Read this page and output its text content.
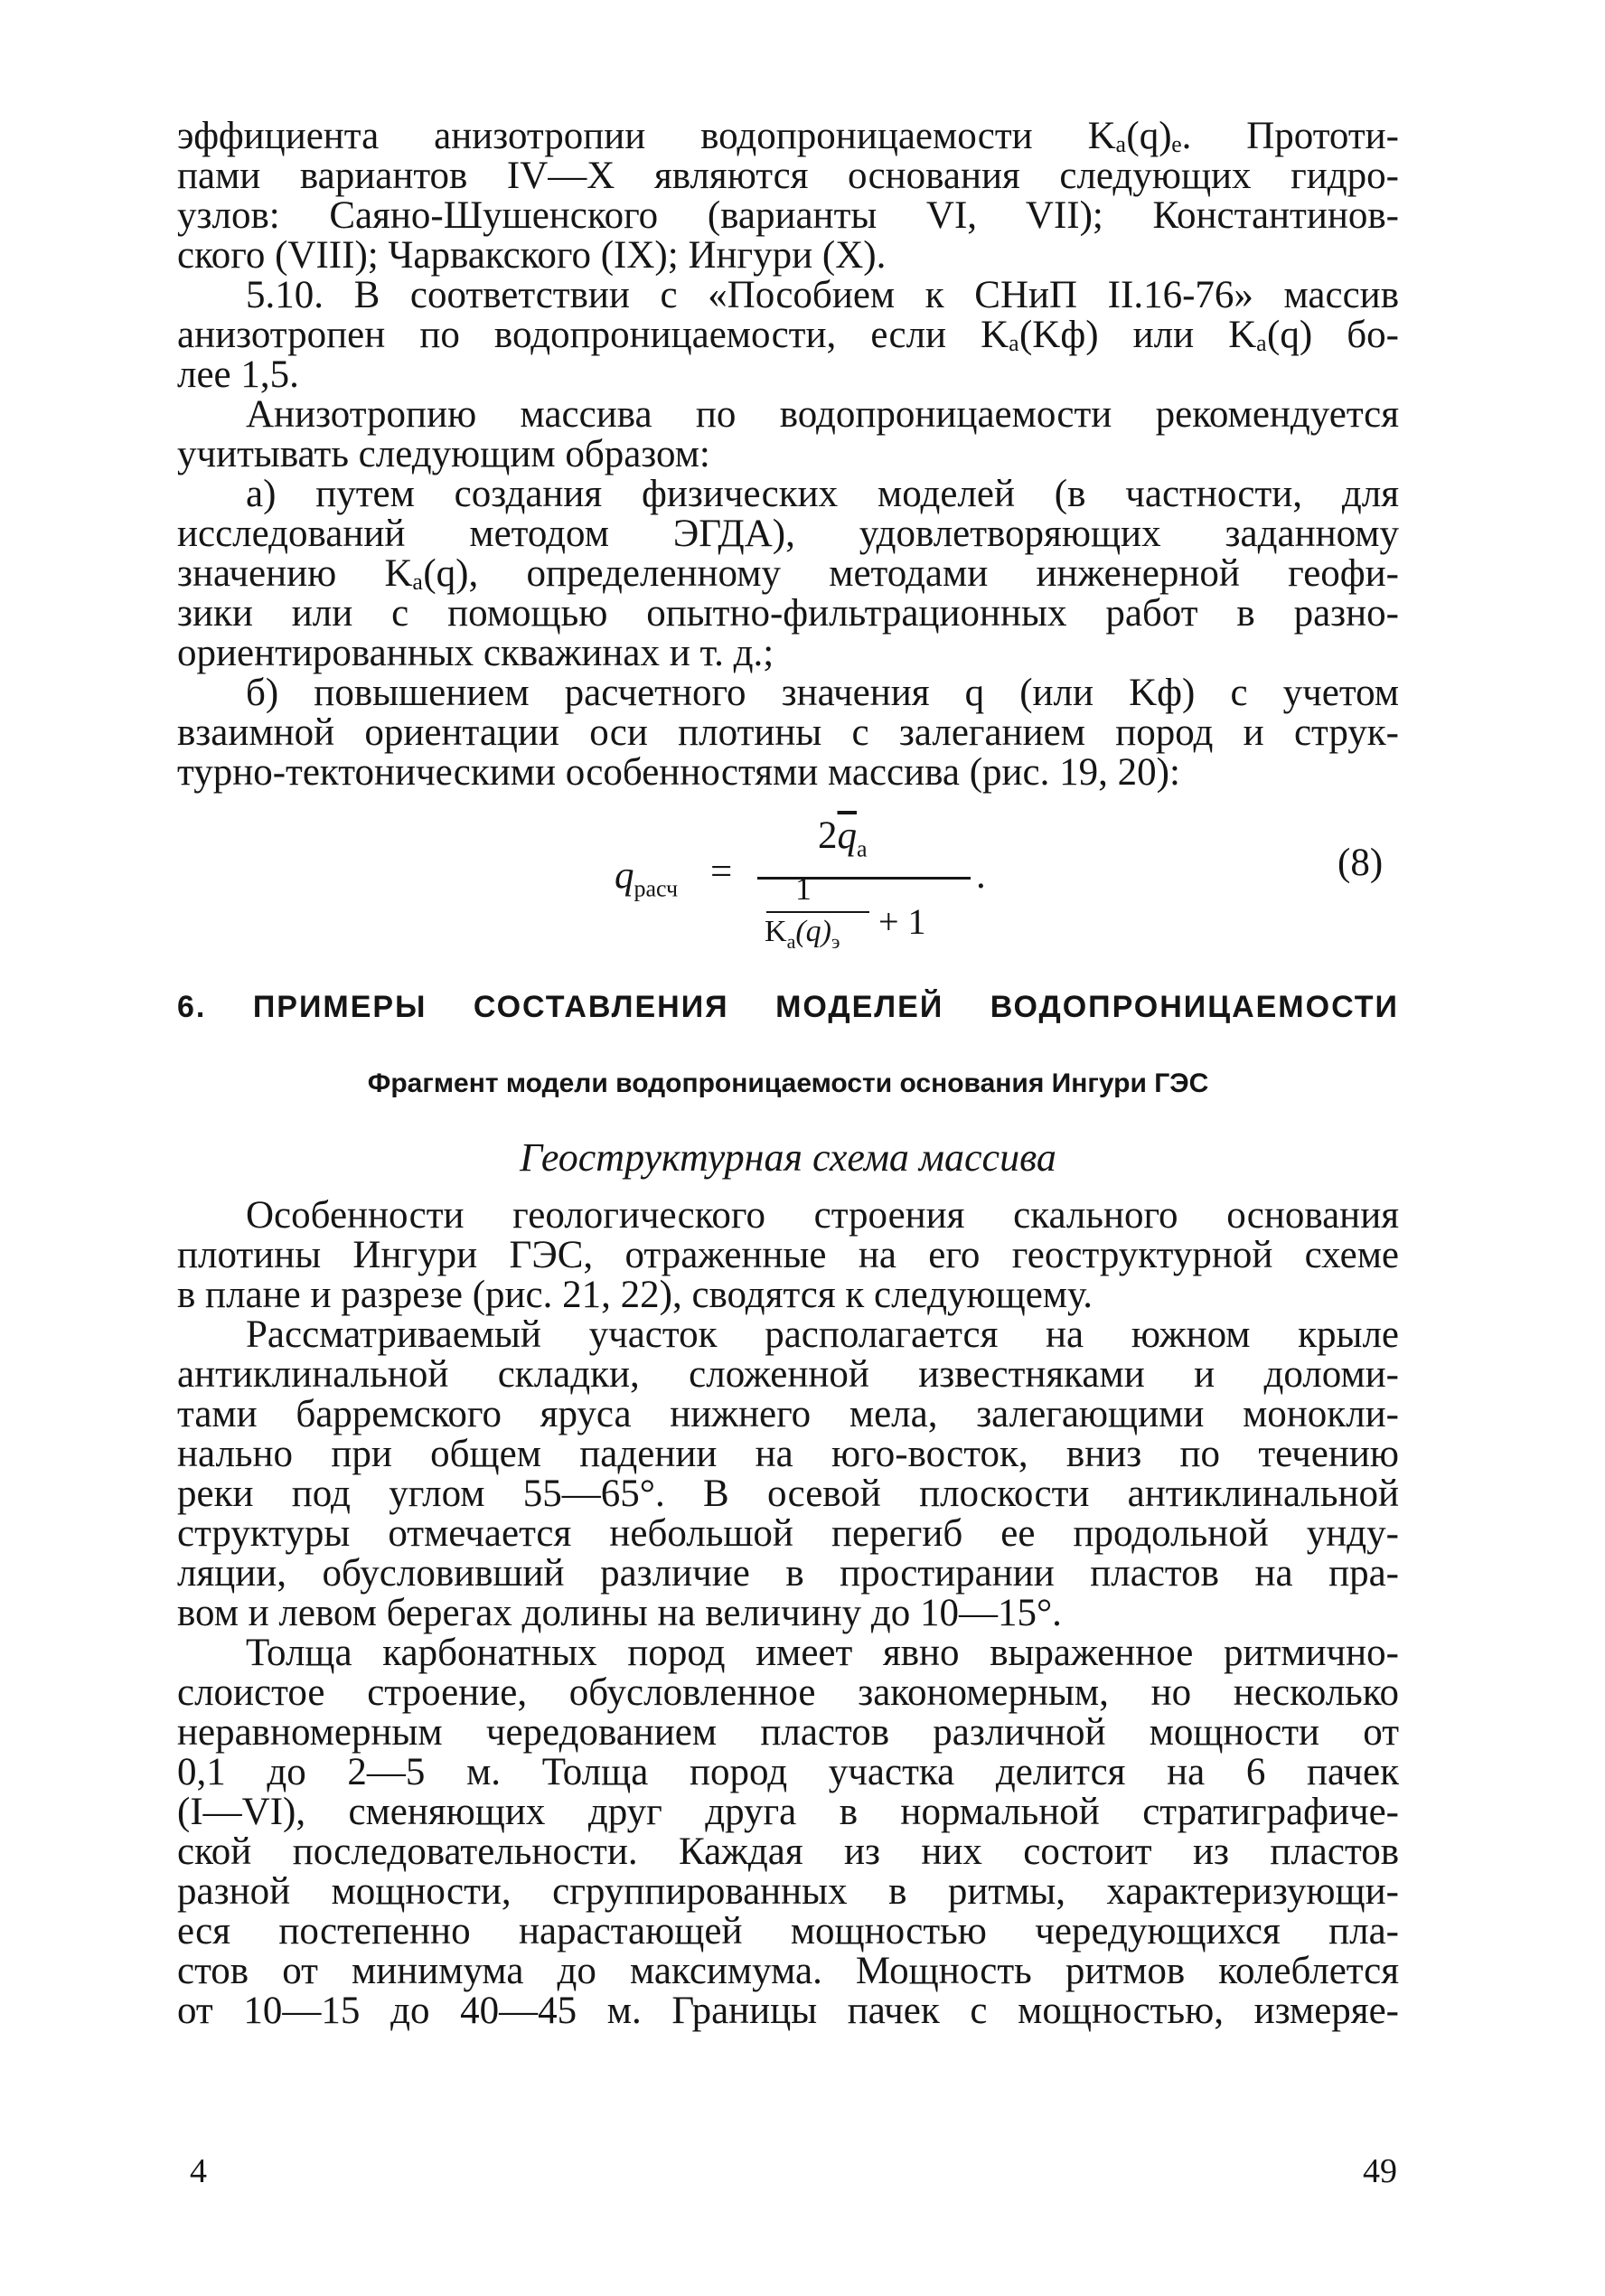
эффициента анизотропии водопроницаемости Kₐ(q)ₑ. Прототи-
пами вариантов IV—X являются основания следующих гидро-
узлов: Саяно-Шушенского (варианты VI, VII); Константинов-
ского (VIII); Чарвакского (IX); Ингури (X).
5.10. В соответствии с «Пособием к СНиП II.16-76» массив
анизотропен по водопроницаемости, если Kₐ(Kф) или Kₐ(q) бо-
лее 1,5.
Анизотропию массива по водопроницаемости рекомендуется
учитывать следующим образом:
а) путем создания физических моделей (в частности, для
исследований методом ЭГДА), удовлетворяющих заданному
значению Kₐ(q), определенному методами инженерной геофи-
зики или с помощью опытно-фильтрационных работ в разно-
ориентированных скважинах и т. д.;
б) повышением расчетного значения q (или Kф) с учетом
взаимной ориентации оси плотины с залеганием пород и струк-
турно-тектоническими особенностями массива (рис. 19, 20):
$q_{расч}$ =
$2\overline{q}_а$
.
1
$K_а(q)_э + 1$
(8)
6. ПРИМЕРЫ СОСТАВЛЕНИЯ МОДЕЛЕЙ ВОДОПРОНИЦАЕМОСТИ
Фрагмент модели водопроницаемости основания Ингури ГЭС
Геоструктурная схема массива
Особенности геологического строения скального основания
плотины Ингури ГЭС, отраженные на его геоструктурной схеме
в плане и разрезе (рис. 21, 22), сводятся к следующему.
Рассматриваемый участок располагается на южном крыле
антиклинальной складки, сложенной известняками и доломи-
тами барремского яруса нижнего мела, залегающими монокли-
нально при общем падении на юго-восток, вниз по течению
реки под углом 55—65°. В осевой плоскости антиклинальной
структуры отмечается небольшой перегиб ее продольной унду-
ляции, обусловивший различие в простирании пластов на пра-
вом и левом берегах долины на величину до 10—15°.
Толща карбонатных пород имеет явно выраженное ритмично-
слоистое строение, обусловленное закономерным, но несколько
неравномерным чередованием пластов различной мощности от
0,1 до 2—5 м. Толща пород участка делится на 6 пачек
(I—VI), сменяющих друг друга в нормальной стратиграфиче-
ской последовательности. Каждая из них состоит из пластов
разной мощности, сгруппированных в ритмы, характеризующи-
еся постепенно нарастающей мощностью чередующихся пла-
стов от минимума до максимума. Мощность ритмов колеблется
от 10—15 до 40—45 м. Границы пачек с мощностью, измеряе-
4	49
